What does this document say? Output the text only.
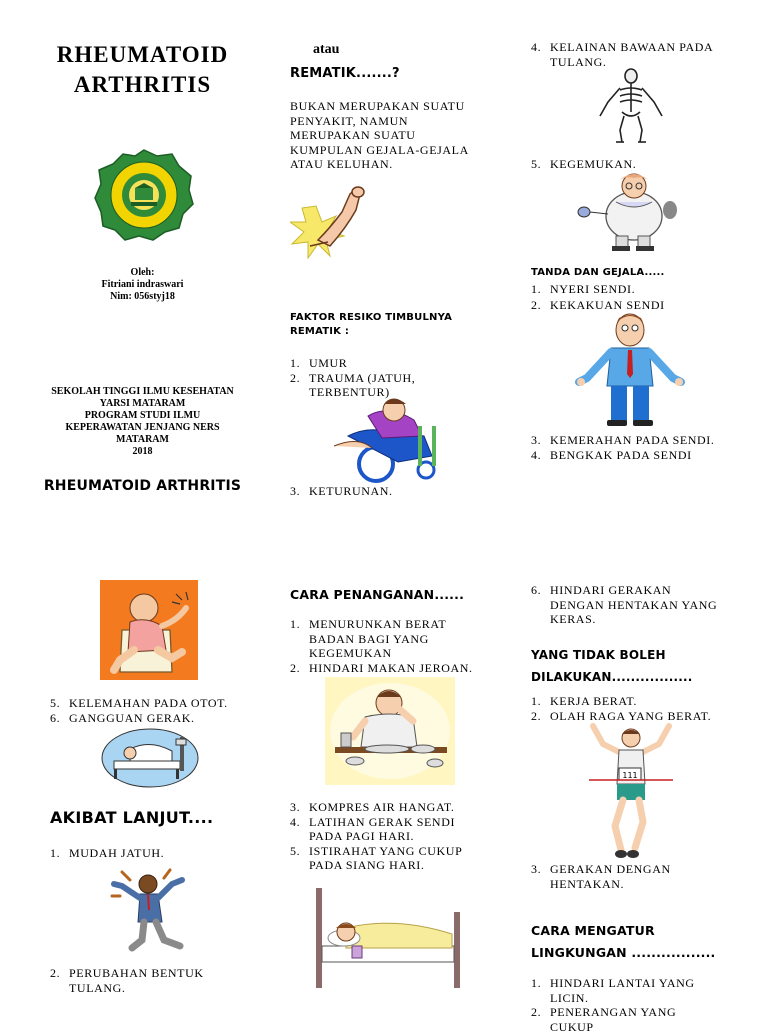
RHEUMATOID
ARTHRITIS
Oleh:
Fitriani indraswari
Nim: 056styj18
SEKOLAH TINGGI ILMU KESEHATAN
YARSI MATARAM
PROGRAM STUDI ILMU
KEPERAWATAN JENJANG NERS
MATARAM
2018
RHEUMATOID ARTHRITIS
atau
REMATIK.......?
BUKAN MERUPAKAN SUATU
PENYAKIT, NAMUN
MERUPAKAN SUATU
KUMPULAN GEJALA-GEJALA
ATAU KELUHAN.
FAKTOR RESIKO TIMBULNYA
REMATIK :
1. UMUR
2. TRAUMA (JATUH,
TERBENTUR)
3. KETURUNAN.
4. KELAINAN BAWAAN PADA
TULANG.
5. KEGEMUKAN.
TANDA DAN GEJALA.....
1. NYERI SENDI.
2. KEKAKUAN SENDI
3. KEMERAHAN PADA SENDI.
4. BENGKAK PADA SENDI
5. KELEMAHAN PADA OTOT.
6. GANGGUAN GERAK.
AKIBAT LANJUT....
1. MUDAH JATUH.
2. PERUBAHAN BENTUK
TULANG.
CARA PENANGANAN......
1. MENURUNKAN BERAT
BADAN BAGI YANG
KEGEMUKAN
2. HINDARI MAKAN JEROAN.
3. KOMPRES AIR HANGAT.
4. LATIHAN GERAK SENDI
PADA PAGI HARI.
5. ISTIRAHAT YANG CUKUP
PADA SIANG HARI.
6. HINDARI GERAKAN
DENGAN HENTAKAN YANG
KERAS.
YANG TIDAK BOLEH
DILAKUKAN.................
1. KERJA BERAT.
2. OLAH RAGA YANG BERAT.
111
3. GERAKAN DENGAN
HENTAKAN.
CARA MENGATUR
LINGKUNGAN .................
1. HINDARI LANTAI YANG
LICIN.
2. PENERANGAN YANG
CUKUP
